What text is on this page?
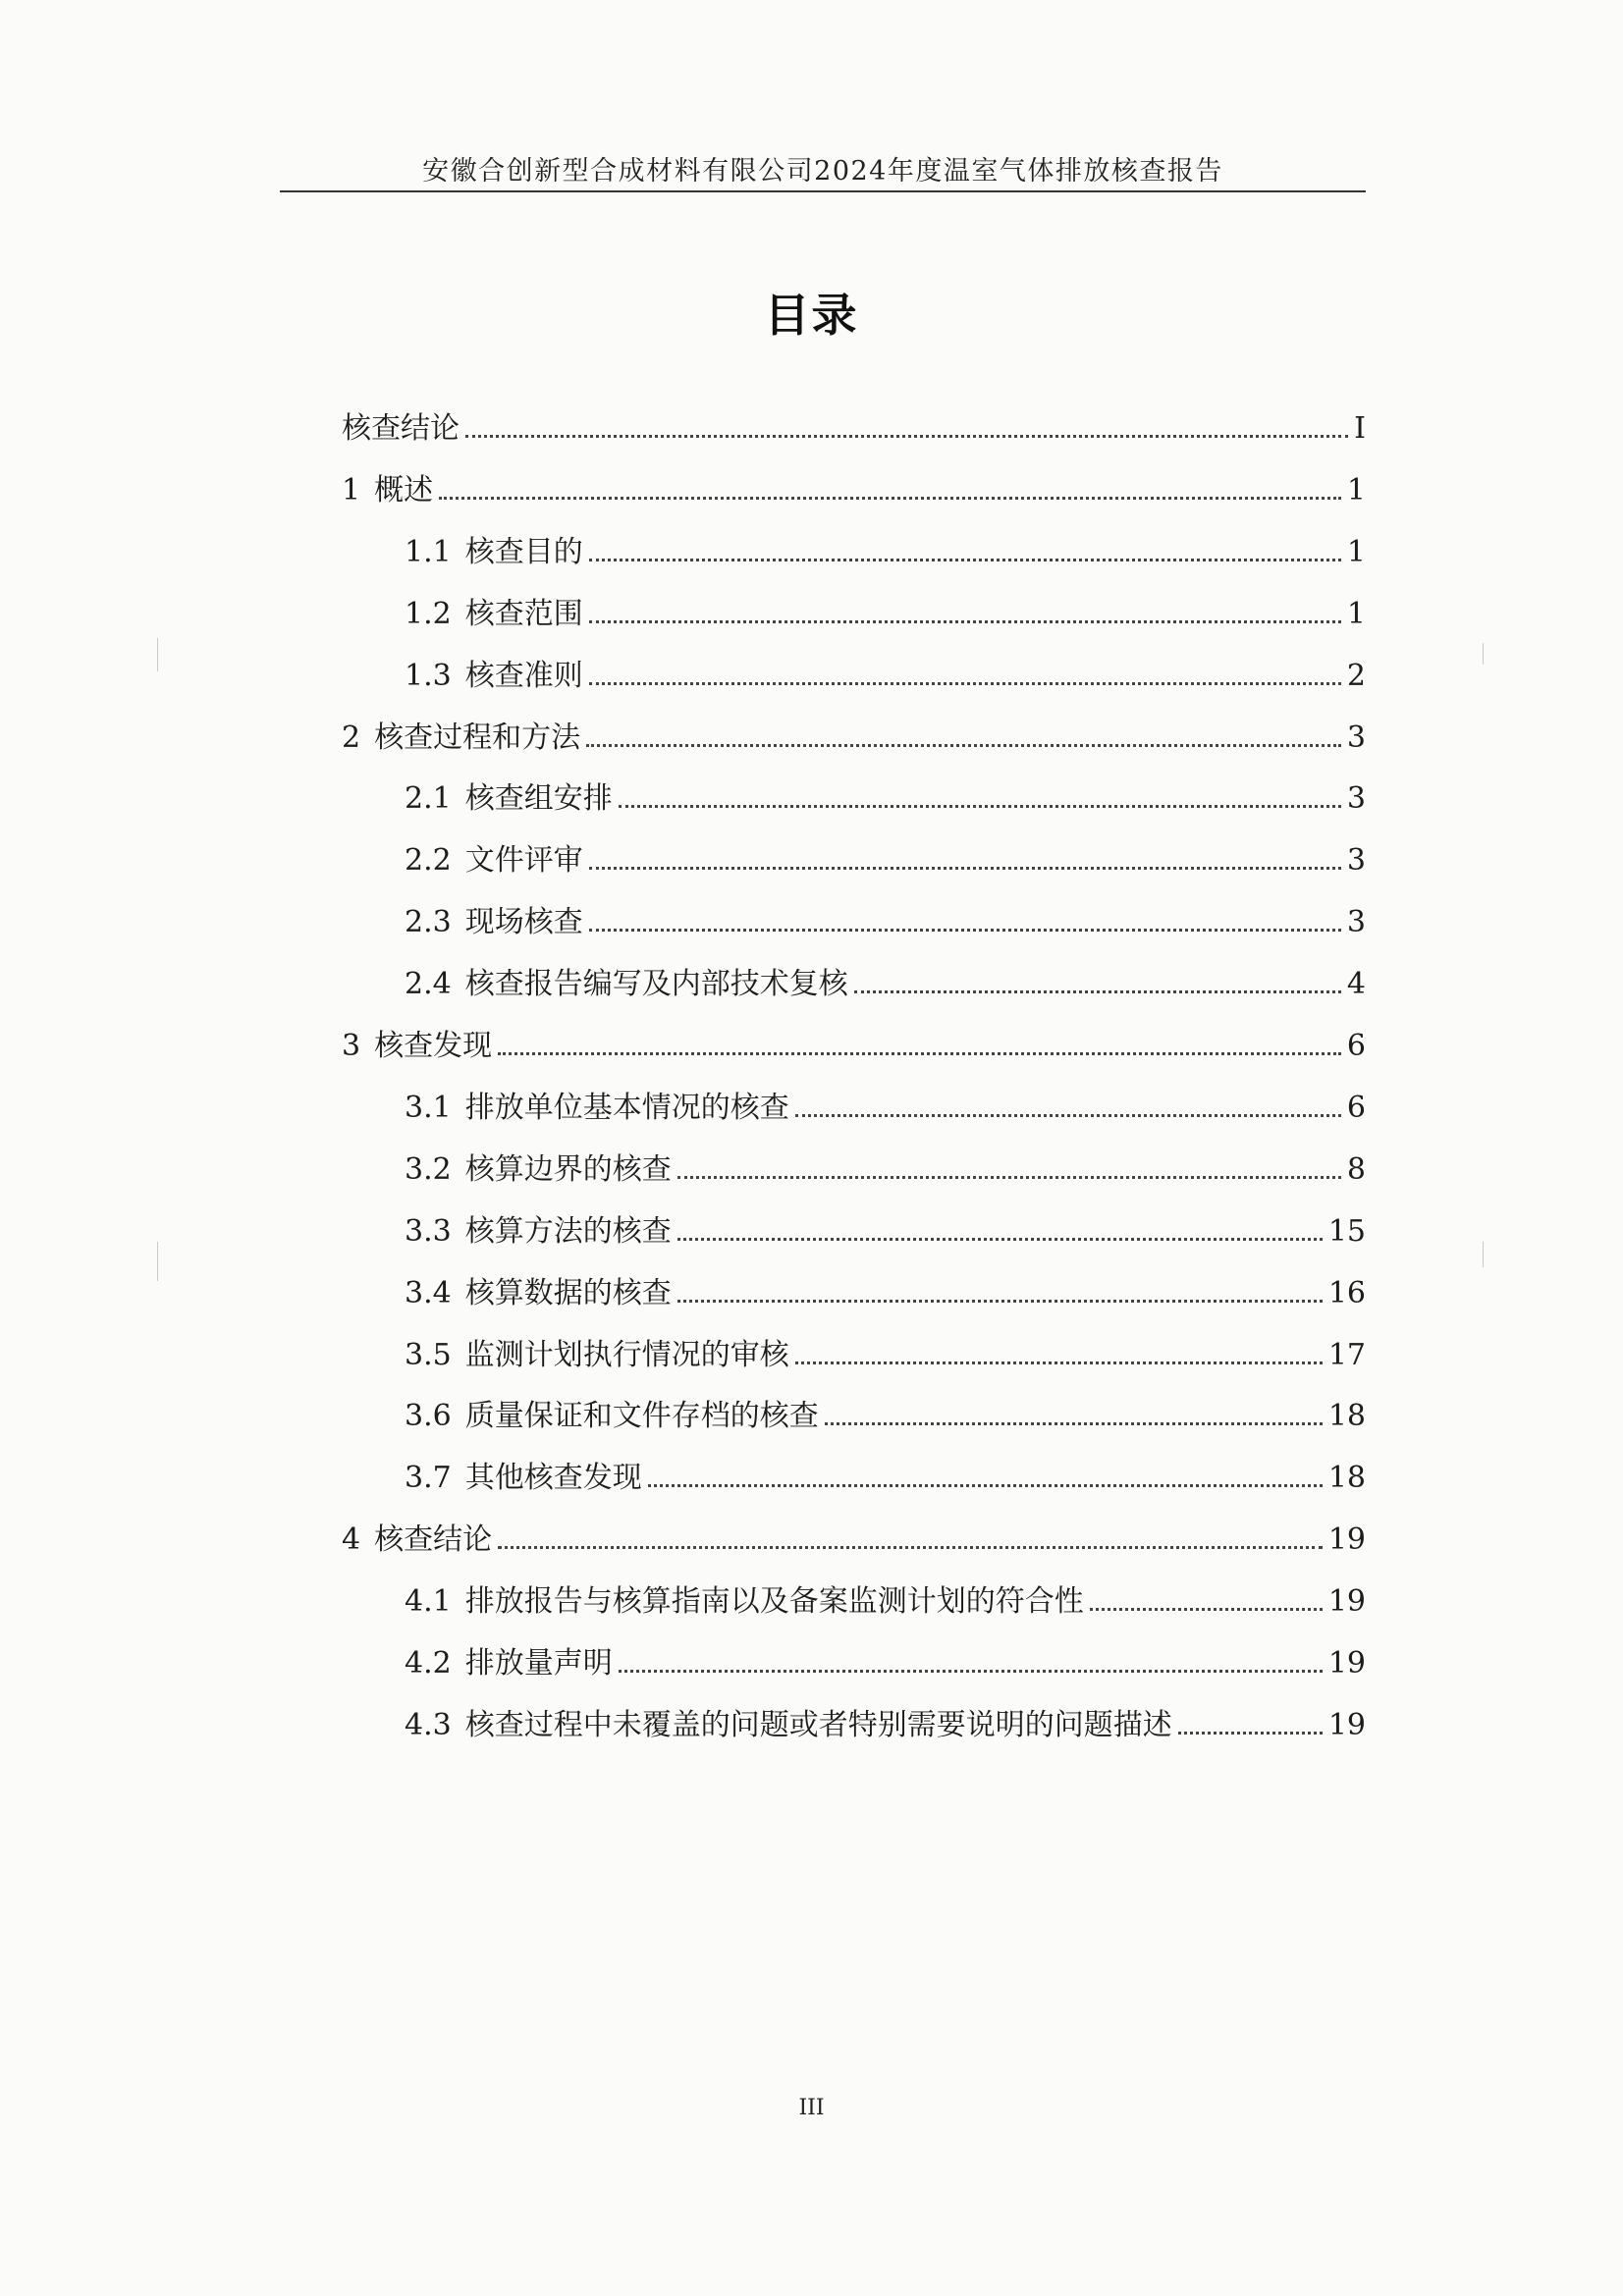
安徽合创新型合成材料有限公司2024年度温室气体排放核查报告
目录
核查结论	I
1 概述	1
1.1 核查目的	1
1.2 核查范围	1
1.3 核查准则	2
2 核查过程和方法	3
2.1 核查组安排	3
2.2 文件评审	3
2.3 现场核查	3
2.4 核查报告编写及内部技术复核	4
3 核查发现	6
3.1 排放单位基本情况的核查	6
3.2 核算边界的核查	8
3.3 核算方法的核查	15
3.4 核算数据的核查	16
3.5 监测计划执行情况的审核	17
3.6 质量保证和文件存档的核查	18
3.7 其他核查发现	18
4 核查结论	19
4.1 排放报告与核算指南以及备案监测计划的符合性	19
4.2 排放量声明	19
4.3 核查过程中未覆盖的问题或者特别需要说明的问题描述	19
III
